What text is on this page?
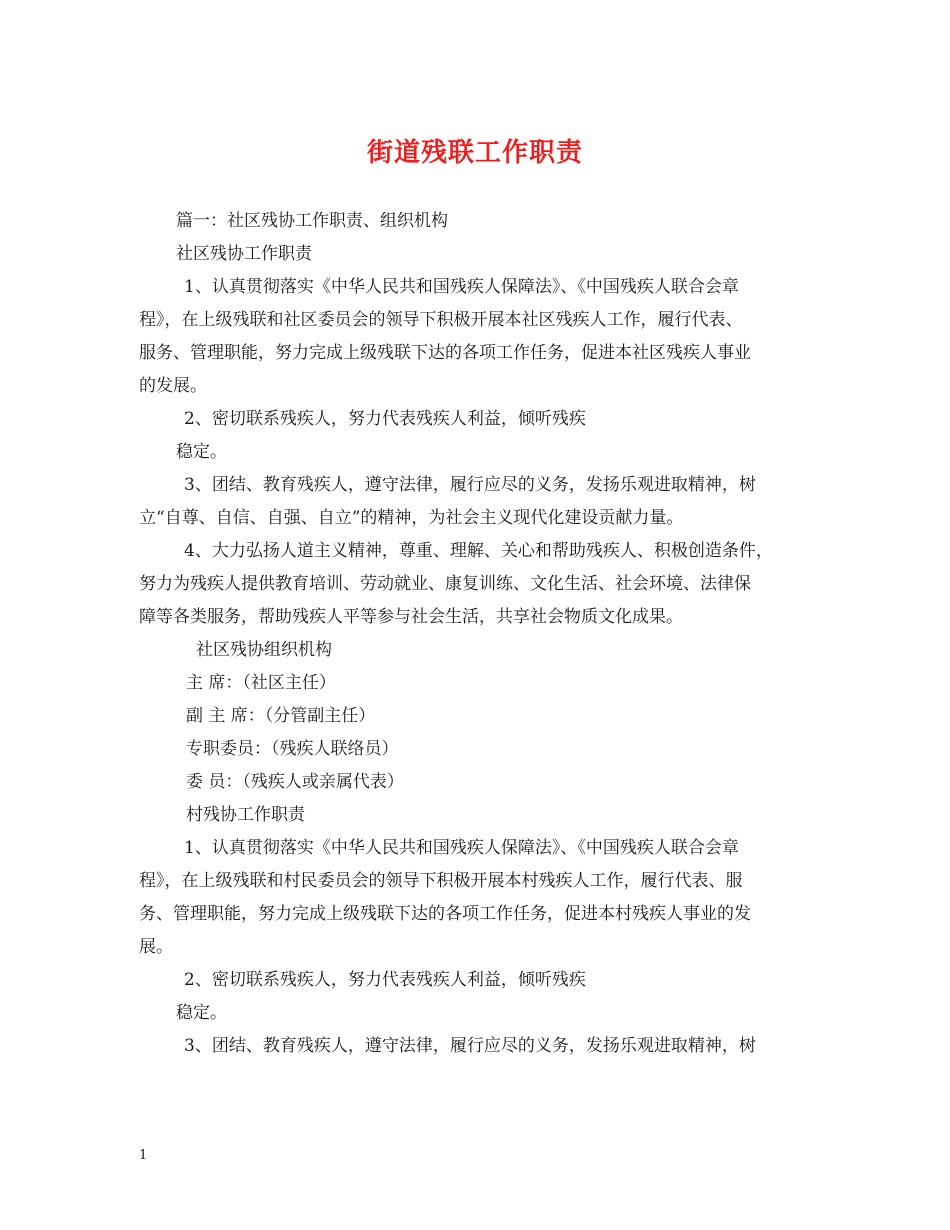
街道残联工作职责
篇一：社区残协工作职责、组织机构
社区残协工作职责
1、认真贯彻落实《中华人民共和国残疾人保障法》、《中国残疾人联合会章
程》，在上级残联和社区委员会的领导下积极开展本社区残疾人工作，履行代表、
服务、管理职能，努力完成上级残联下达的各项工作任务，促进本社区残疾人事业
的发展。
2、密切联系残疾人，努力代表残疾人利益，倾听残疾
稳定。
3、团结、教育残疾人，遵守法律，履行应尽的义务，发扬乐观进取精神，树
立“自尊、自信、自强、自立”的精神，为社会主义现代化建设贡献力量。
4、大力弘扬人道主义精神，尊重、理解、关心和帮助残疾人、积极创造条件，
努力为残疾人提供教育培训、劳动就业、康复训练、文化生活、社会环境、法律保
障等各类服务，帮助残疾人平等参与社会生活，共享社会物质文化成果。
社区残协组织机构
主 席：（社区主任）
副 主 席：（分管副主任）
专职委员：（残疾人联络员）
委 员：（残疾人或亲属代表）
村残协工作职责
1、认真贯彻落实《中华人民共和国残疾人保障法》、《中国残疾人联合会章
程》，在上级残联和村民委员会的领导下积极开展本村残疾人工作，履行代表、服
务、管理职能，努力完成上级残联下达的各项工作任务，促进本村残疾人事业的发
展。
2、密切联系残疾人，努力代表残疾人利益，倾听残疾
稳定。
3、团结、教育残疾人，遵守法律，履行应尽的义务，发扬乐观进取精神，树
1
